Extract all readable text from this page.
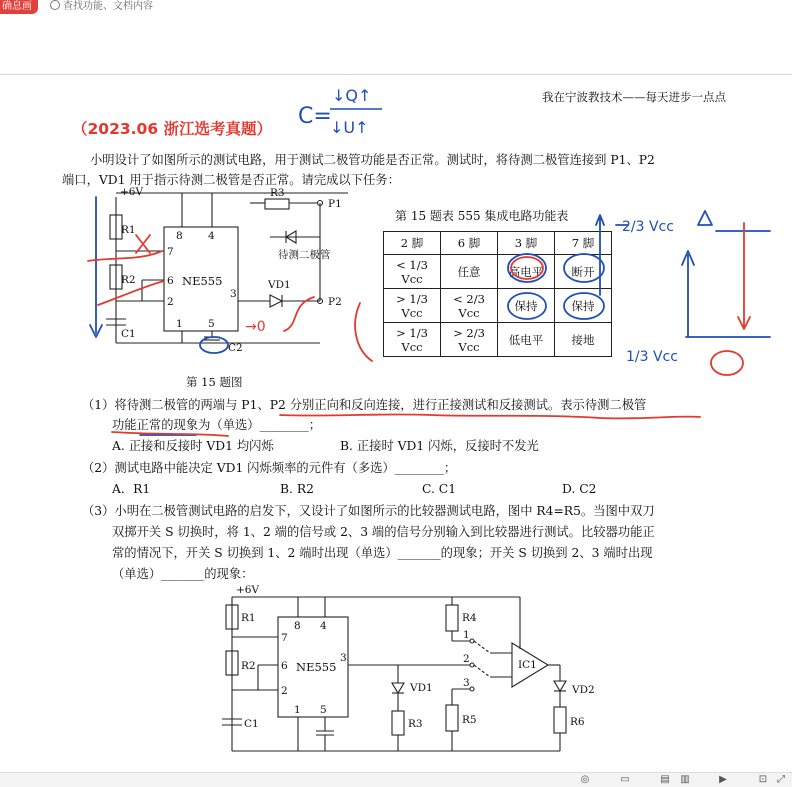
确息画	查找功能、文档内容
我在宁波教技术——每天进步一点点
（2023.06 浙江选考真题）
小明设计了如图所示的测试电路，用于测试二极管功能是否正常。测试时，将待测二极管连接到 P1、P2
端口，VD1 用于指示待测二极管是否正常。请完成以下任务：
+6V
R1
R2
C1
NE555
8 4
7
6
2
1 5
3
R3
P1
P2
VD1
待测二极管
C2
第 15 题图
第 15 题表 555 集成电路功能表
2 脚	6 脚	3 脚	7 脚
< 1/3 Vcc	任意	高电平	断开
> 1/3 Vcc	< 2/3 Vcc	保持	保持
> 1/3 Vcc	> 2/3 Vcc	低电平	接地
（1）将待测二极管的两端与 P1、P2 分别正向和反向连接，进行正接测试和反接测试。表示待测二极管
功能正常的现象为（单选）________；
A. 正接和反接时 VD1 均闪烁	B. 正接时 VD1 闪烁，反接时不发光
（2）测试电路中能决定 VD1 闪烁频率的元件有（多选）________；
A．R1	B. R2	C. C1	D. C2
（3）小明在二极管测试电路的启发下，又设计了如图所示的比较器测试电路，图中 R4=R5。当图中双刀
双掷开关 S 切换时，将 1、2 端的信号或 2、3 端的信号分别输入到比较器进行测试。比较器功能正
常的情况下，开关 S 切换到 1、2 端时出现（单选）_______的现象；开关 S 切换到 2、3 端时出现
（单选）_______的现象：
+6V
R1
R2
C1
NE555
8 4
7
6
2
1 5
3
VD1
R3
R4
R5
1
2
3
IC1
VD2
R6
C=
↓Q↑
↓U↑
2/3 Vcc
1/3 Vcc
→0
◎	▭	▤ ▥	▶	⊡ ⤢
